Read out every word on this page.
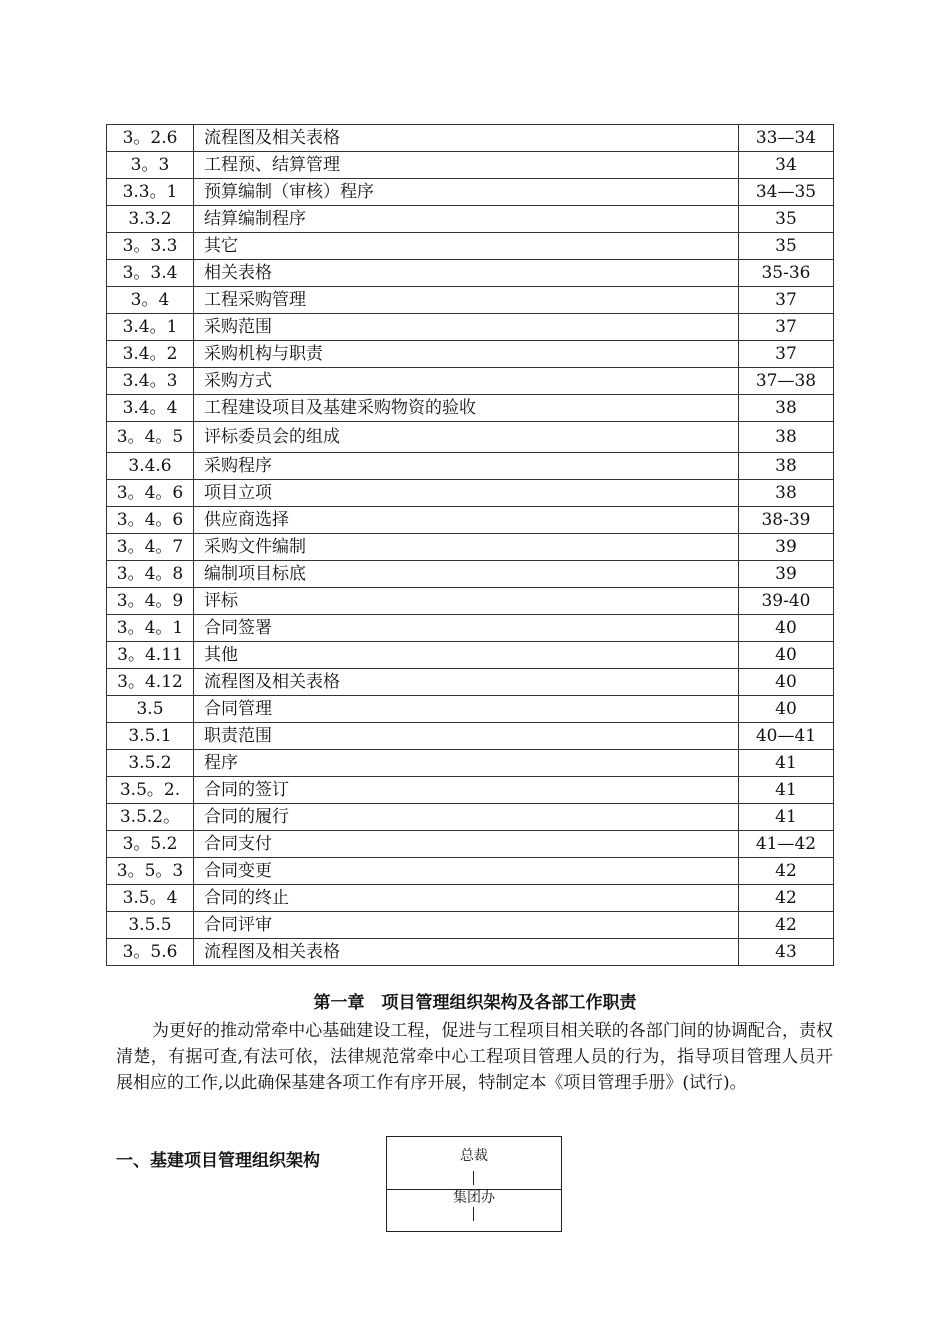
3。2.6	流程图及相关表格	33—34
3。3	工程预、结算管理	34
3.3。1	预算编制（审核）程序	34—35
3.3.2	结算编制程序	35
3。3.3	其它	35
3。3.4	相关表格	35-36
3。4	工程采购管理	37
3.4。1	采购范围	37
3.4。2	采购机构与职责	37
3.4。3	采购方式	37—38
3.4。4	工程建设项目及基建采购物资的验收	38
3。4。5	评标委员会的组成	38
3.4.6	采购程序	38
3。4。6	项目立项	38
3。4。6	供应商选择	38-39
3。4。7	采购文件编制	39
3。4。8	编制项目标底	39
3。4。9	评标	39-40
3。4。1	合同签署	40
3。4.11	其他	40
3。4.12	流程图及相关表格	40
3.5	合同管理	40
3.5.1	职责范围	40—41
3.5.2	程序	41
3.5。2.	合同的签订	41
3.5.2。	合同的履行	41
3。5.2	合同支付	41—42
3。5。3	合同变更	42
3.5。4	合同的终止	42
3.5.5	合同评审	42
3。5.6	流程图及相关表格	43
第一章　项目管理组织架构及各部工作职责

为更好的推动常牵中心基础建设工程，促进与工程项目相关联的各部门间的协调配合，责权清楚，有据可查,有法可依，法律规范常牵中心工程项目管理人员的行为，指导项目管理人员开展相应的工作,以此确保基建各项工作有序开展，特制定本《项目管理手册》(试行)。

一、基建项目管理组织架构	总裁
集团办
